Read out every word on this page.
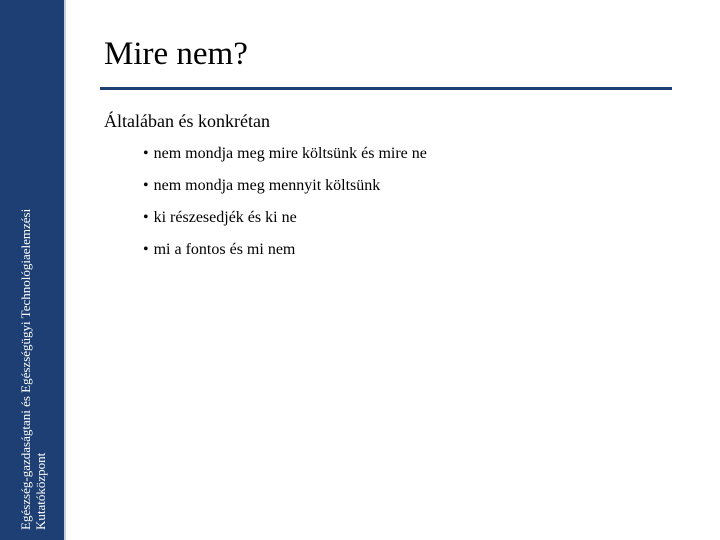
Egészség-gazdaságtani és Egészségügyi Technológiaelemzési Kutatóközpont
Mire nem?
Általában és konkrétan
• nem mondja meg mire költsünk és mire ne
• nem mondja meg mennyit költsünk
• ki részesedjék és ki ne
• mi a fontos és mi nem
